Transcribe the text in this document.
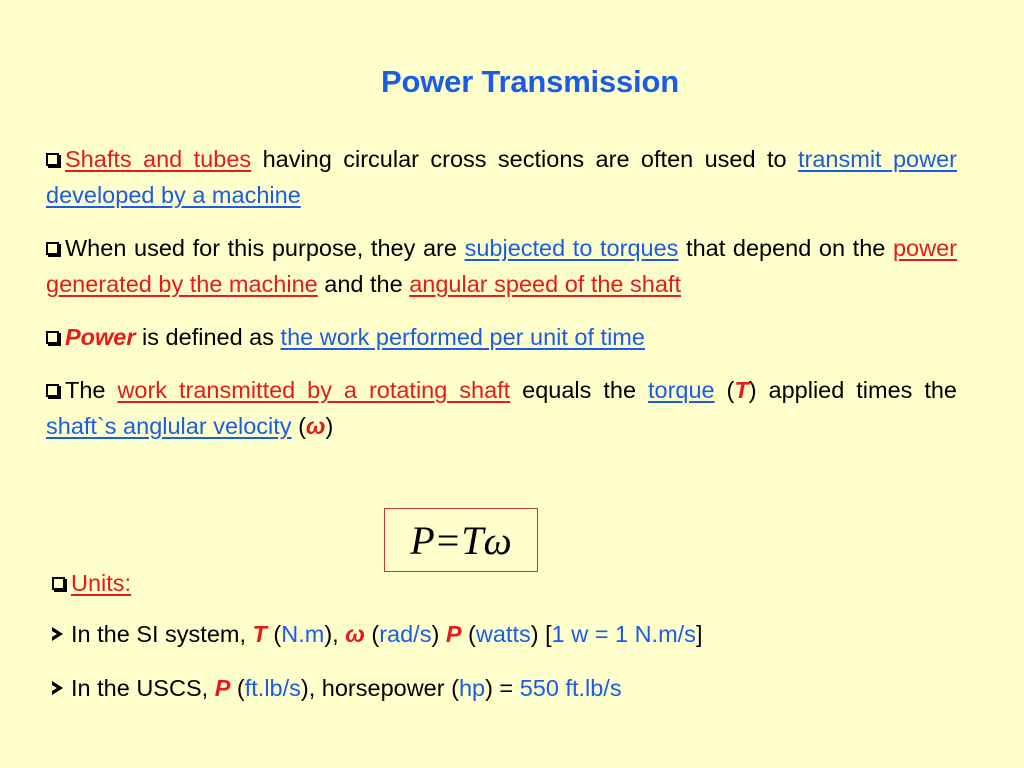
Power Transmission
Shafts and tubes having circular cross sections are often used to transmit power developed by a machine
When used for this purpose, they are subjected to torques that depend on the power generated by the machine and the angular speed of the shaft
Power is defined as the work performed per unit of time
The work transmitted by a rotating shaft equals the torque (T) applied times the shaft`s anglular velocity (ω)
P = Tω
Units:
In the SI system, T (N.m), ω (rad/s) P (watts) [1 w = 1 N.m/s]
In the USCS, P (ft.lb/s), horsepower (hp) = 550 ft.lb/s
